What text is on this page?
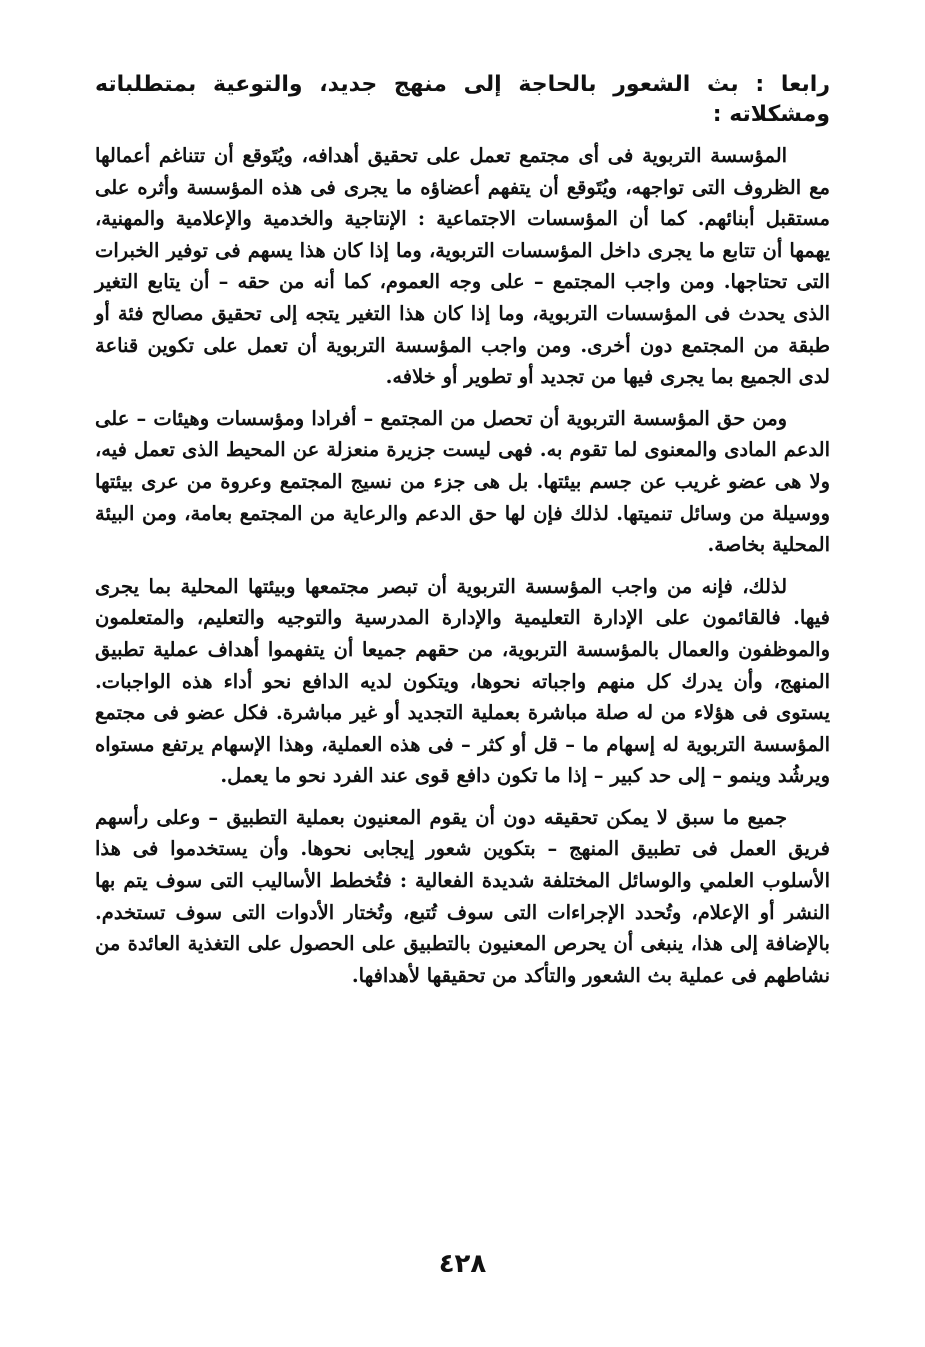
رابعا : بث الشعور بالحاجة إلى منهج جديد، والتوعية بمتطلباته ومشكلاته :

المؤسسة التربوية فى أى مجتمع تعمل على تحقيق أهدافه، ويُتَوقع أن تتناغم أعمالها مع الظروف التى تواجهه، ويُتَوقع أن يتفهم أعضاؤه ما يجرى فى هذه المؤسسة وأثره على مستقبل أبنائهم. كما أن المؤسسات الاجتماعية : الإنتاجية والخدمية والإعلامية والمهنية، يهمها أن تتابع ما يجرى داخل المؤسسات التربوية، وما إذا كان هذا يسهم فى توفير الخبرات التى تحتاجها. ومن واجب المجتمع – على وجه العموم، كما أنه من حقه – أن يتابع التغير الذى يحدث فى المؤسسات التربوية، وما إذا كان هذا التغير يتجه إلى تحقيق مصالح فئة أو طبقة من المجتمع دون أخرى. ومن واجب المؤسسة التربوية أن تعمل على تكوين قناعة لدى الجميع بما يجرى فيها من تجديد أو تطوير أو خلافه.

ومن حق المؤسسة التربوية أن تحصل من المجتمع – أفرادا ومؤسسات وهيئات – على الدعم المادى والمعنوى لما تقوم به. فهى ليست جزيرة منعزلة عن المحيط الذى تعمل فيه، ولا هى عضو غريب عن جسم بيئتها. بل هى جزء من نسيج المجتمع وعروة من عرى بيئتها ووسيلة من وسائل تنميتها. لذلك فإن لها حق الدعم والرعاية من المجتمع بعامة، ومن البيئة المحلية بخاصة.

لذلك، فإنه من واجب المؤسسة التربوية أن تبصر مجتمعها وبيئتها المحلية بما يجرى فيها. فالقائمون على الإدارة التعليمية والإدارة المدرسية والتوجيه والتعليم، والمتعلمون والموظفون والعمال بالمؤسسة التربوية، من حقهم جميعا أن يتفهموا أهداف عملية تطبيق المنهج، وأن يدرك كل منهم واجباته نحوها، ويتكون لديه الدافع نحو أداء هذه الواجبات. يستوى فى هؤلاء من له صلة مباشرة بعملية التجديد أو غير مباشرة. فكل عضو فى مجتمع المؤسسة التربوية له إسهام ما – قل أو كثر – فى هذه العملية، وهذا الإسهام يرتفع مستواه ويرشُد وينمو – إلى حد كبير – إذا ما تكون دافع قوى عند الفرد نحو ما يعمل.

جميع ما سبق لا يمكن تحقيقه دون أن يقوم المعنيون بعملية التطبيق – وعلى رأسهم فريق العمل فى تطبيق المنهج – بتكوين شعور إيجابى نحوها. وأن يستخدموا فى هذا الأسلوب العلمي والوسائل المختلفة شديدة الفعالية : فتُخطط الأساليب التى سوف يتم بها النشر أو الإعلام، وتُحدد الإجراءات التى سوف تُتبع، وتُختار الأدوات التى سوف تستخدم. بالإضافة إلى هذا، ينبغى أن يحرص المعنيون بالتطبيق على الحصول على التغذية العائدة من نشاطهم فى عملية بث الشعور والتأكد من تحقيقها لأهدافها.

٤٢٨
